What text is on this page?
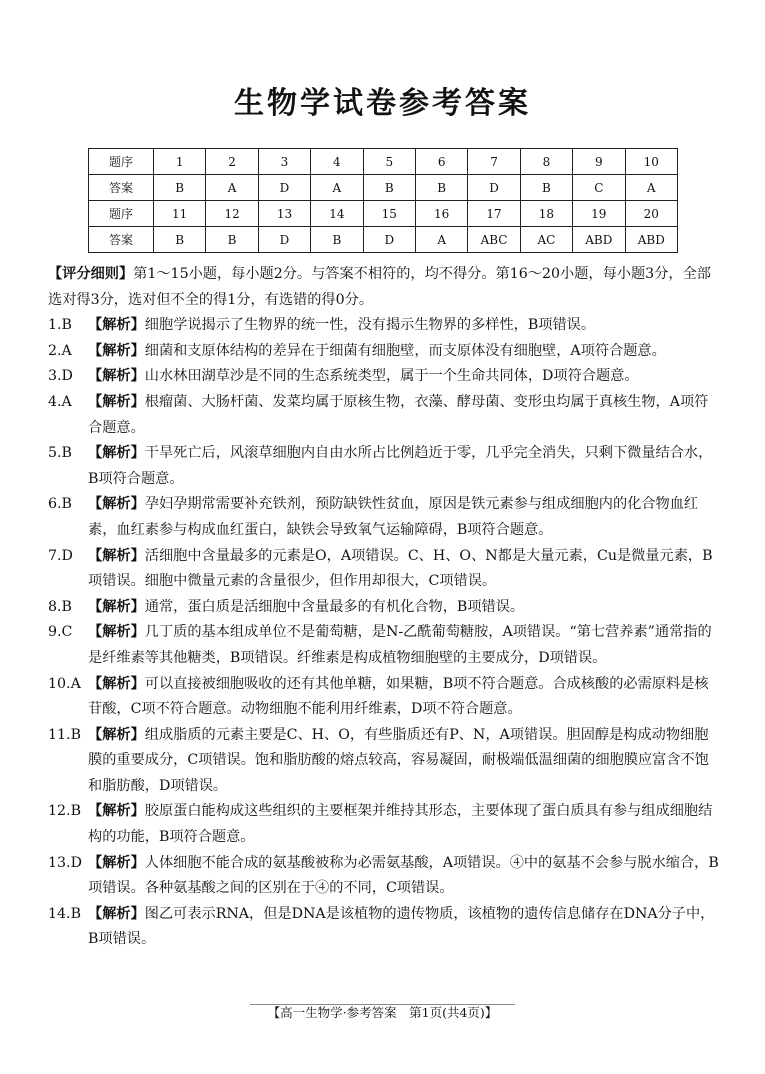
生物学试卷参考答案
题序	1	2	3	4	5	6	7	8	9	10
答案	B	A	D	A	B	B	D	B	C	A
题序	11	12	13	14	15	16	17	18	19	20
答案	B	B	D	B	D	A	ABC	AC	ABD	ABD
【评分细则】第1～15小题，每小题2分。与答案不相符的，均不得分。第16～20小题，每小题3分，全部选对得3分，选对但不全的得1分，有选错的得0分。
1.B	【解析】细胞学说揭示了生物界的统一性，没有揭示生物界的多样性，B项错误。
2.A	【解析】细菌和支原体结构的差异在于细菌有细胞壁，而支原体没有细胞壁，A项符合题意。
3.D	【解析】山水林田湖草沙是不同的生态系统类型，属于一个生命共同体，D项符合题意。
4.A	【解析】根瘤菌、大肠杆菌、发菜均属于原核生物，衣藻、酵母菌、变形虫均属于真核生物，A项符合题意。
5.B	【解析】干旱死亡后，风滚草细胞内自由水所占比例趋近于零，几乎完全消失，只剩下微量结合水，B项符合题意。
6.B	【解析】孕妇孕期常需要补充铁剂，预防缺铁性贫血，原因是铁元素参与组成细胞内的化合物血红素，血红素参与构成血红蛋白，缺铁会导致氧气运输障碍，B项符合题意。
7.D	【解析】活细胞中含量最多的元素是O，A项错误。C、H、O、N都是大量元素，Cu是微量元素，B项错误。细胞中微量元素的含量很少，但作用却很大，C项错误。
8.B	【解析】通常，蛋白质是活细胞中含量最多的有机化合物，B项错误。
9.C	【解析】几丁质的基本组成单位不是葡萄糖，是N-乙酰葡萄糖胺，A项错误。“第七营养素”通常指的是纤维素等其他糖类，B项错误。纤维素是构成植物细胞壁的主要成分，D项错误。
10.A 【解析】可以直接被细胞吸收的还有其他单糖，如果糖，B项不符合题意。合成核酸的必需原料是核苷酸，C项不符合题意。动物细胞不能利用纤维素，D项不符合题意。
11.B 【解析】组成脂质的元素主要是C、H、O，有些脂质还有P、N，A项错误。胆固醇是构成动物细胞膜的重要成分，C项错误。饱和脂肪酸的熔点较高，容易凝固，耐极端低温细菌的细胞膜应富含不饱和脂肪酸，D项错误。
12.B 【解析】胶原蛋白能构成这些组织的主要框架并维持其形态，主要体现了蛋白质具有参与组成细胞结构的功能，B项符合题意。
13.D 【解析】人体细胞不能合成的氨基酸被称为必需氨基酸，A项错误。④中的氨基不会参与脱水缩合，B项错误。各种氨基酸之间的区别在于④的不同，C项错误。
14.B 【解析】图乙可表示RNA，但是DNA是该植物的遗传物质，该植物的遗传信息储存在DNA分子中，B项错误。
【高一生物学·参考答案　第1页(共4页)】
